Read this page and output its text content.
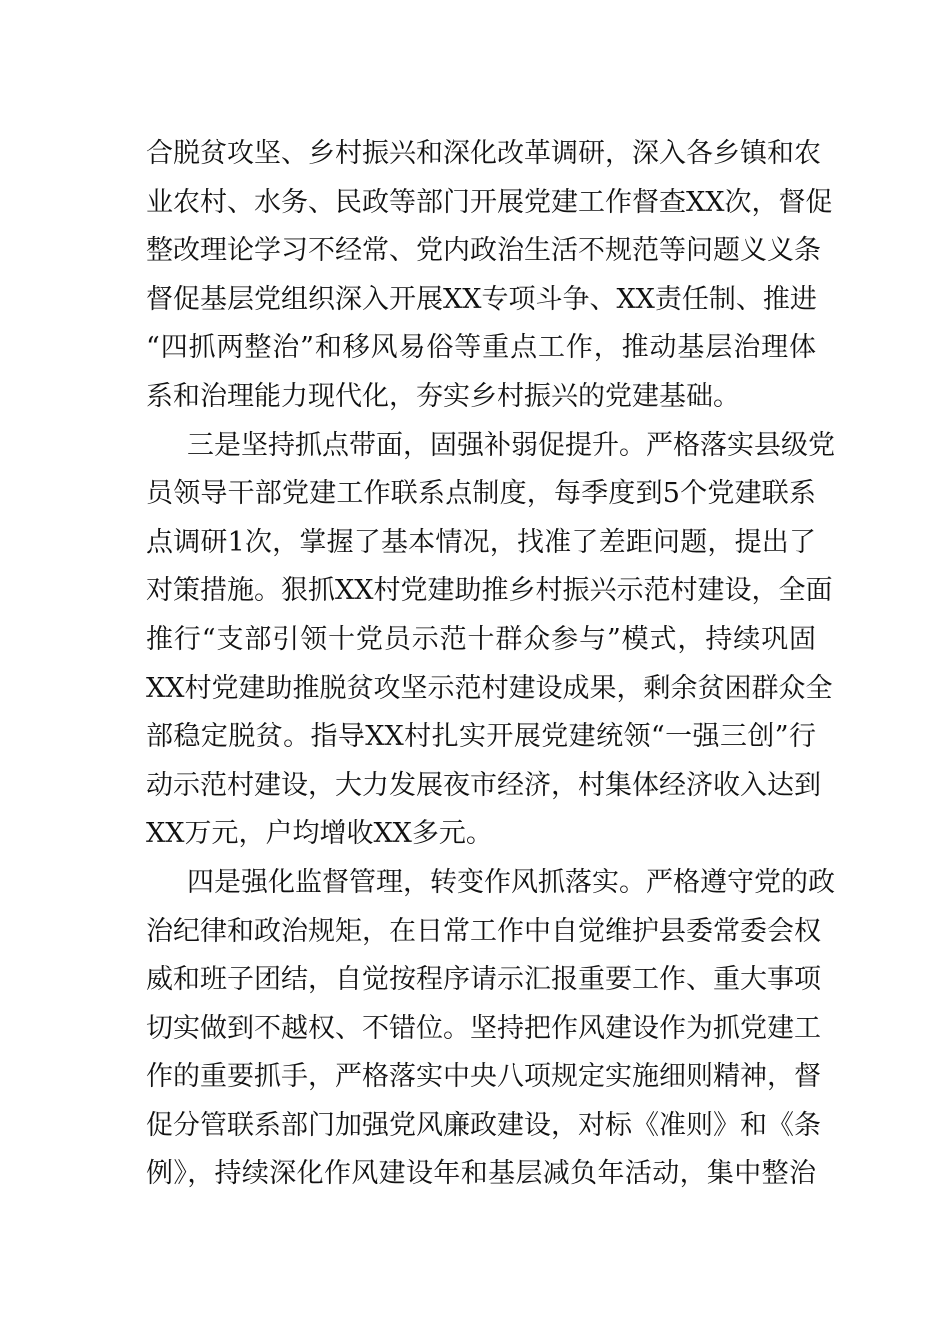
合脱贫攻坚、乡村振兴和深化改革调研，深入各乡镇和农
业农村、水务、民政等部门开展党建工作督查XX次，督促
整改理论学习不经常、党内政治生活不规范等问题义义条
督促基层党组织深入开展XX专项斗争、XX责任制、推进
“四抓两整治”和移风易俗等重点工作，推动基层治理体
系和治理能力现代化，夯实乡村振兴的党建基础。
三是坚持抓点带面，固强补弱促提升。严格落实县级党
员领导干部党建工作联系点制度，每季度到5个党建联系
点调研1次，掌握了基本情况，找准了差距问题，提出了
对策措施。狠抓XX村党建助推乡村振兴示范村建设，全面
推行“支部引领十党员示范十群众参与”模式，持续巩固
XX村党建助推脱贫攻坚示范村建设成果，剩余贫困群众全
部稳定脱贫。指导XX村扎实开展党建统领“一强三创”行
动示范村建设，大力发展夜市经济，村集体经济收入达到
XX万元，户均增收XX多元。
四是强化监督管理，转变作风抓落实。严格遵守党的政
治纪律和政治规矩，在日常工作中自觉维护县委常委会权
威和班子团结，自觉按程序请示汇报重要工作、重大事项
切实做到不越权、不错位。坚持把作风建设作为抓党建工
作的重要抓手，严格落实中央八项规定实施细则精神，督
促分管联系部门加强党风廉政建设，对标《准则》和《条
例》，持续深化作风建设年和基层减负年活动，集中整治
